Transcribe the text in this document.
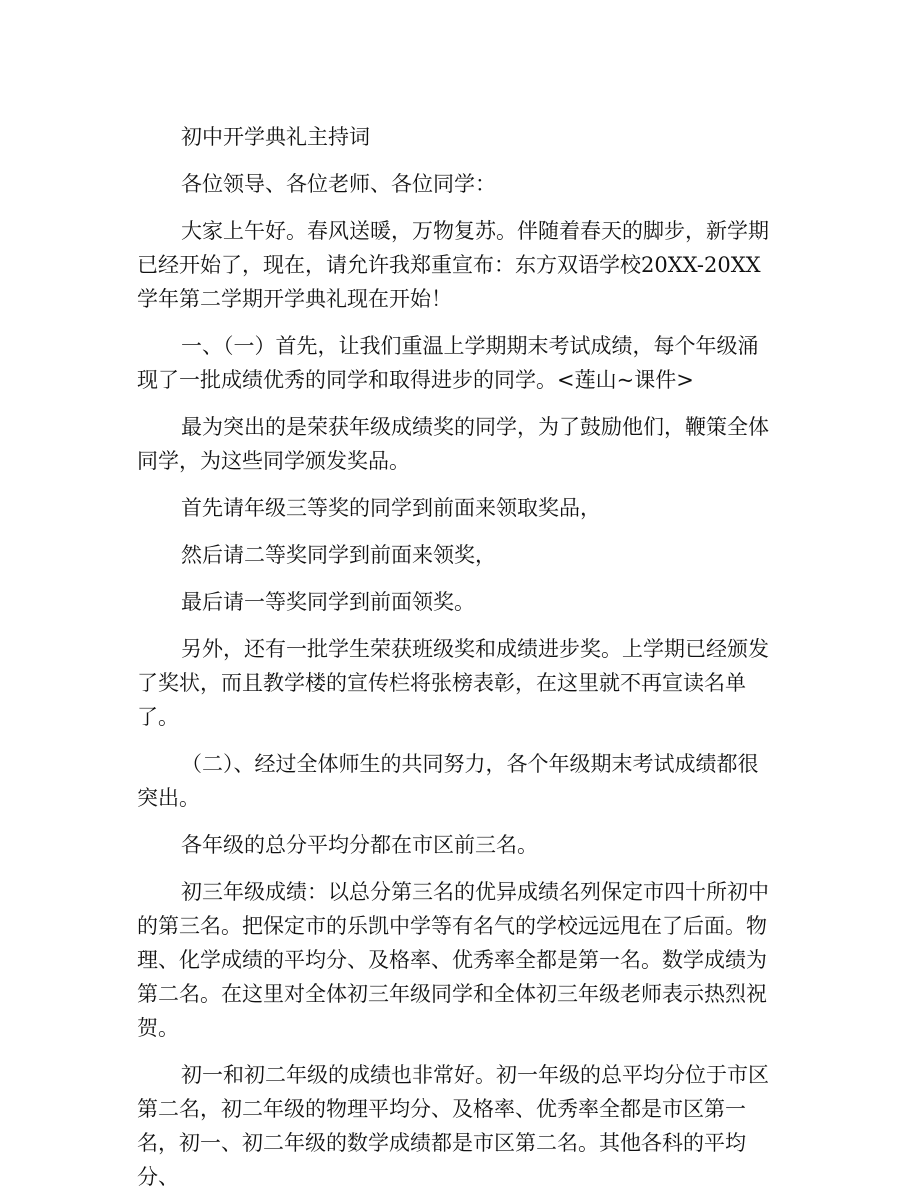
初中开学典礼主持词

各位领导、各位老师、各位同学：

大家上午好。春风送暖，万物复苏。伴随着春天的脚步，新学期已经开始了，现在，请允许我郑重宣布：东方双语学校20XX-20XX学年第二学期开学典礼现在开始！

一、（一）首先，让我们重温上学期期末考试成绩，每个年级涌现了一批成绩优秀的同学和取得进步的同学。<莲山~课件>

最为突出的是荣获年级成绩奖的同学，为了鼓励他们，鞭策全体同学，为这些同学颁发奖品。

首先请年级三等奖的同学到前面来领取奖品，

然后请二等奖同学到前面来领奖，

最后请一等奖同学到前面领奖。

另外，还有一批学生荣获班级奖和成绩进步奖。上学期已经颁发了奖状，而且教学楼的宣传栏将张榜表彰，在这里就不再宣读名单了。

（二）、经过全体师生的共同努力，各个年级期末考试成绩都很突出。

各年级的总分平均分都在市区前三名。

初三年级成绩：以总分第三名的优异成绩名列保定市四十所初中的第三名。把保定市的乐凯中学等有名气的学校远远甩在了后面。物理、化学成绩的平均分、及格率、优秀率全都是第一名。数学成绩为第二名。在这里对全体初三年级同学和全体初三年级老师表示热烈祝贺。

初一和初二年级的成绩也非常好。初一年级的总平均分位于市区第二名，初二年级的物理平均分、及格率、优秀率全都是市区第一名，初一、初二年级的数学成绩都是市区第二名。其他各科的平均分、
